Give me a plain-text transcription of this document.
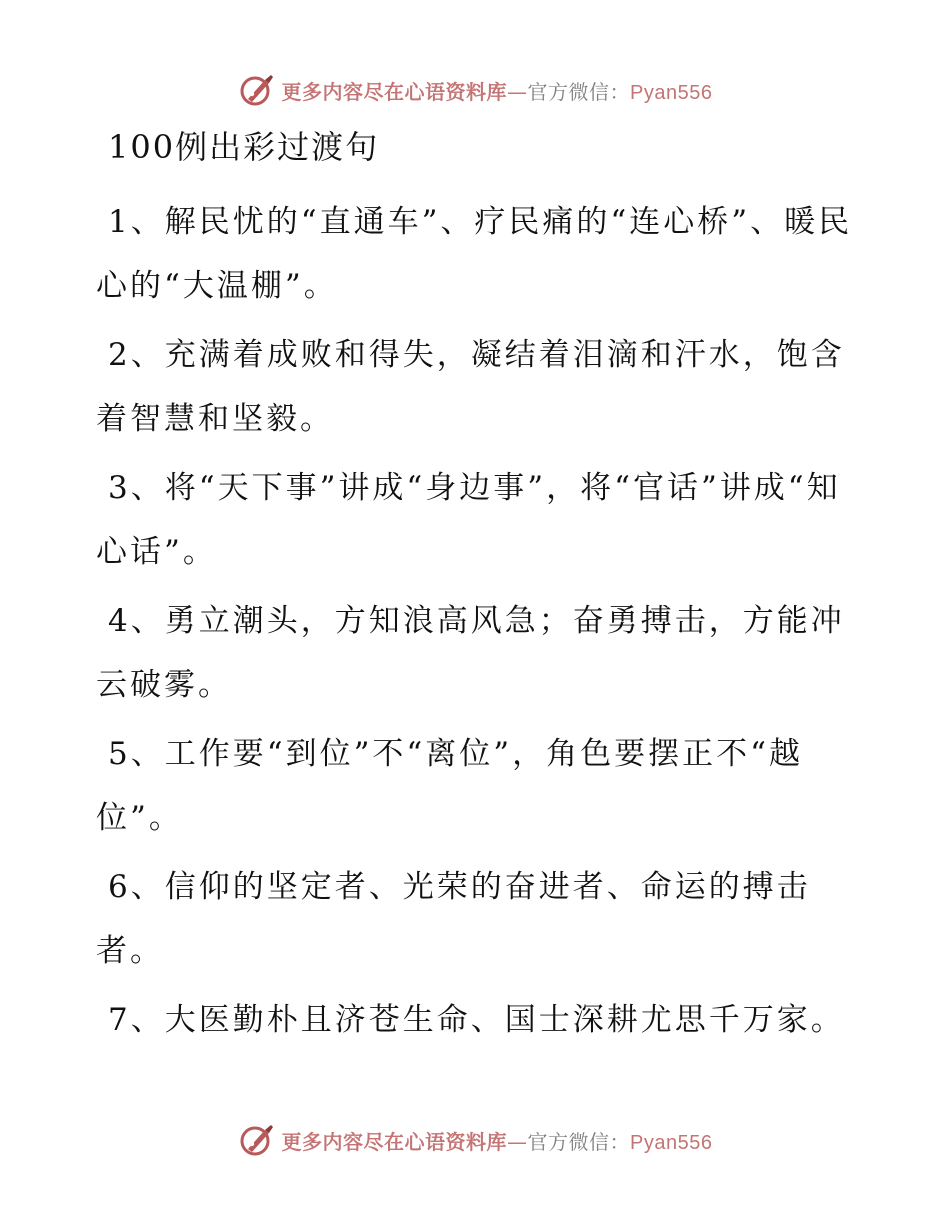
更多内容尽在心语资料库—官方微信：Pyan556
100例出彩过渡句

1、解民忧的“直通车”、疗民痛的“连心桥”、暖民心的“大温棚”。

2、充满着成败和得失，凝结着泪滴和汗水，饱含着智慧和坚毅。

3、将“天下事”讲成“身边事”，将“官话”讲成“知心话”。

4、勇立潮头，方知浪高风急；奋勇搏击，方能冲云破雾。

5、工作要“到位”不“离位”，角色要摆正不“越位”。

6、信仰的坚定者、光荣的奋进者、命运的搏击者。

7、大医勤朴且济苍生命、国士深耕尤思千万家。

更多内容尽在心语资料库—官方微信：Pyan556
